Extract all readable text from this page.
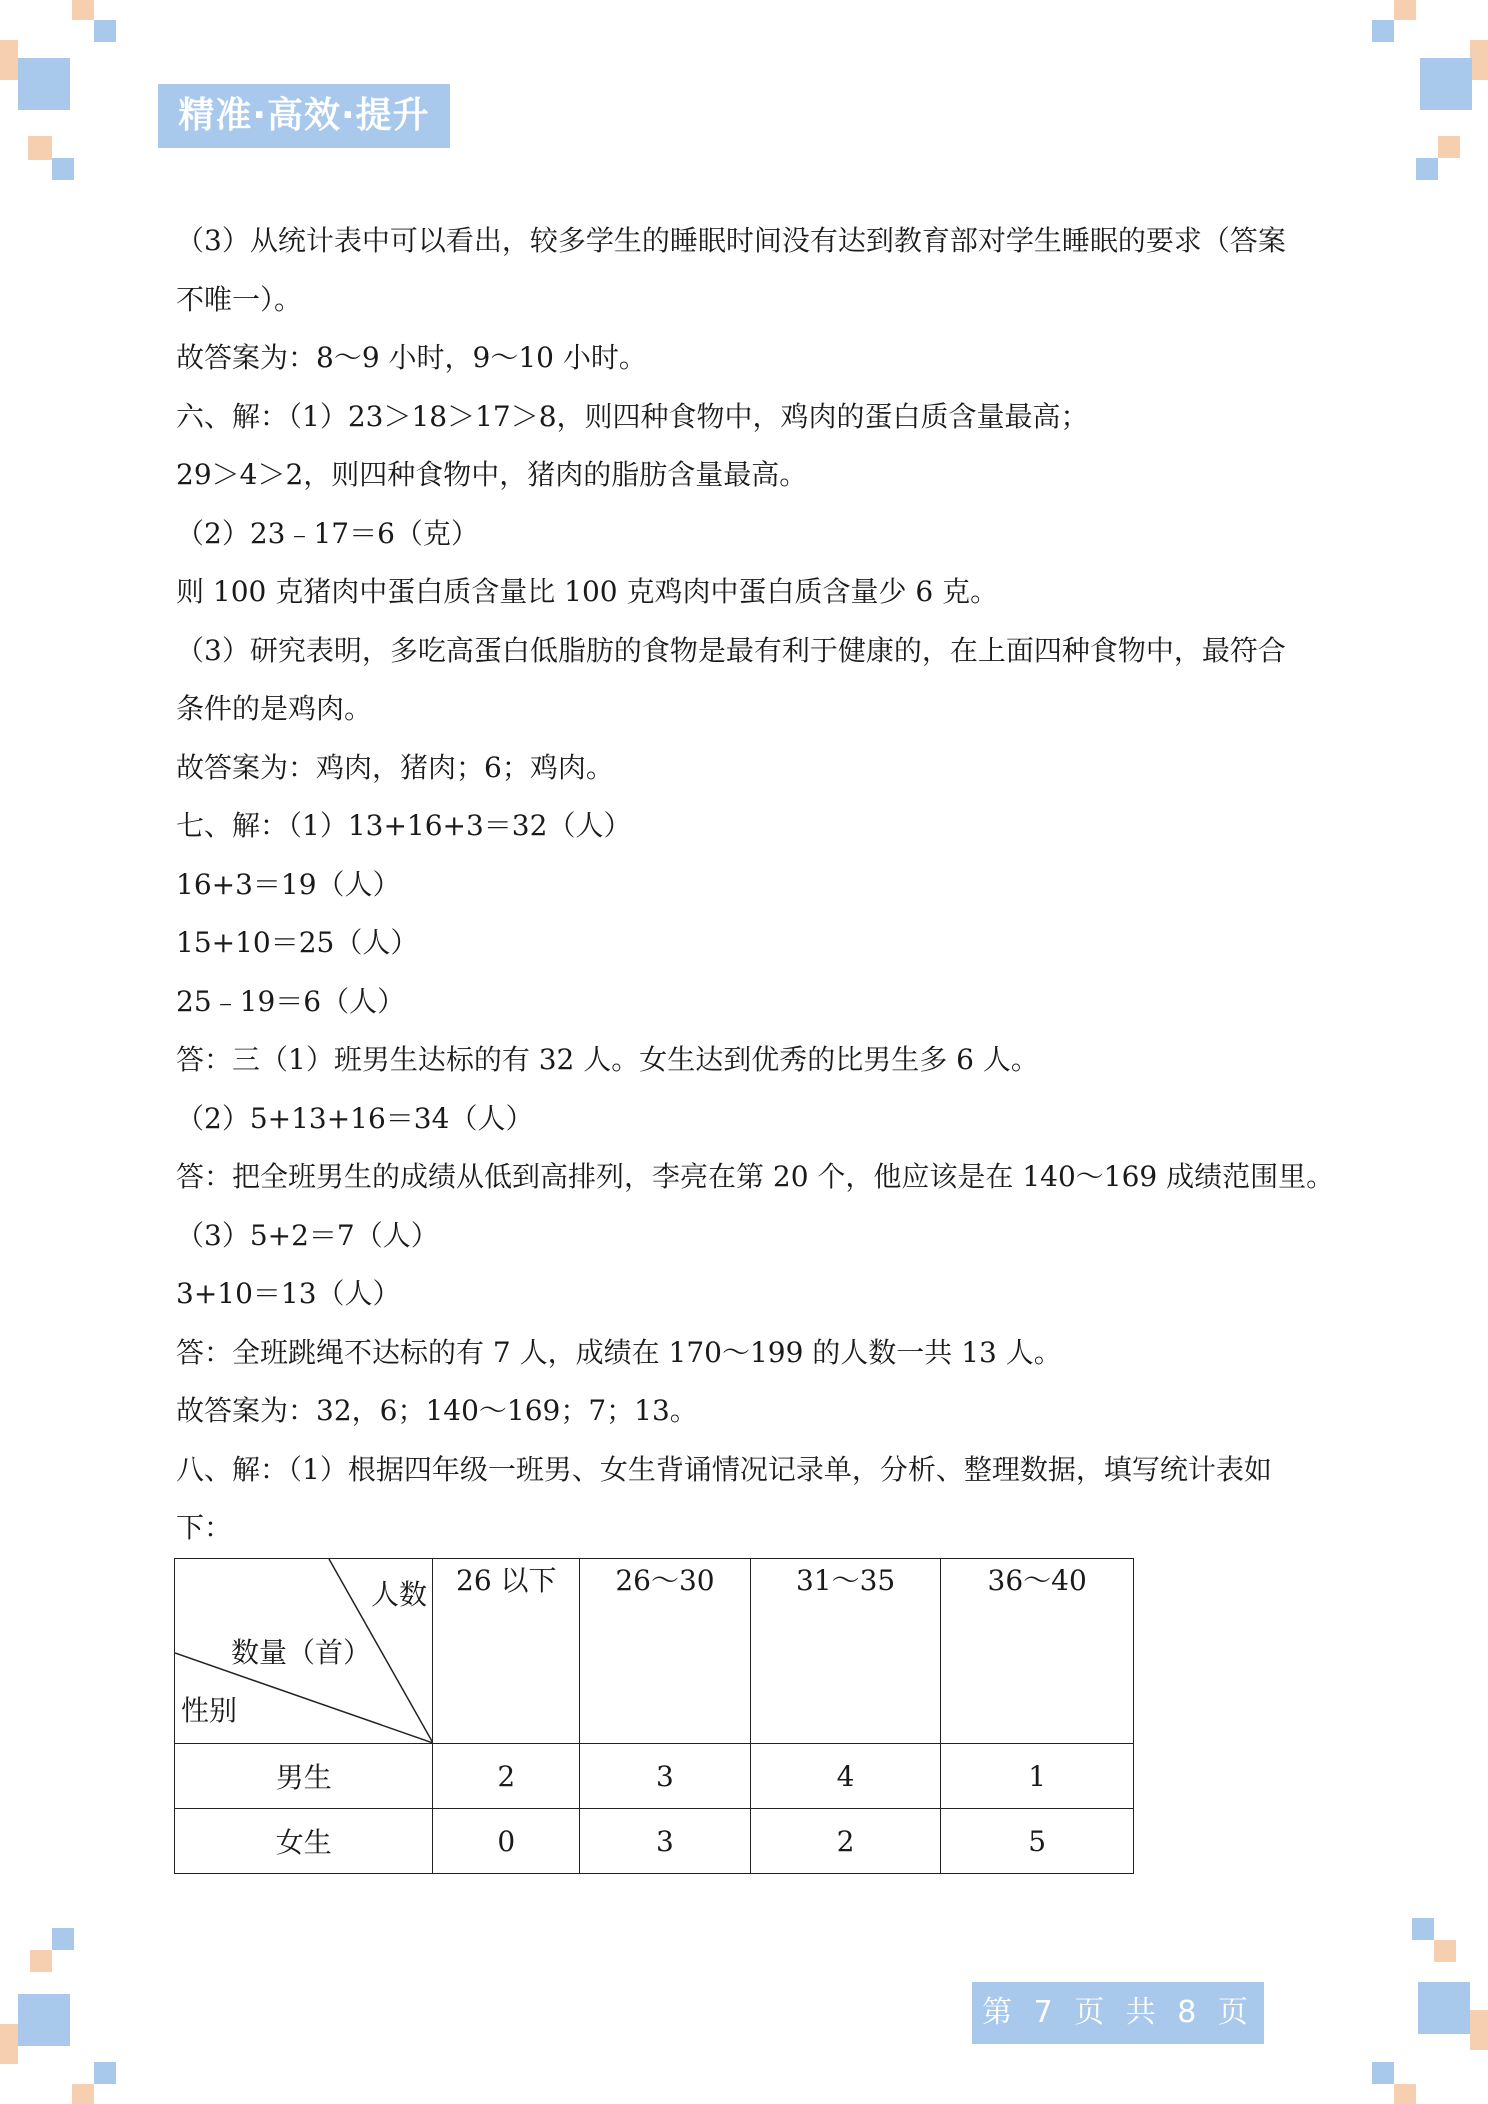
精准·高效·提升
（3）从统计表中可以看出，较多学生的睡眠时间没有达到教育部对学生睡眠的要求（答案
不唯一）。
故答案为：8～9 小时，9～10 小时。
六、解：（1）23＞18＞17＞8，则四种食物中，鸡肉的蛋白质含量最高；
29＞4＞2，则四种食物中，猪肉的脂肪含量最高。
（2）23﹣17＝6（克）
则 100 克猪肉中蛋白质含量比 100 克鸡肉中蛋白质含量少 6 克。
（3）研究表明，多吃高蛋白低脂肪的食物是最有利于健康的，在上面四种食物中，最符合
条件的是鸡肉。
故答案为：鸡肉，猪肉；6；鸡肉。
七、解：（1）13+16+3＝32（人）
16+3＝19（人）
15+10＝25（人）
25﹣19＝6（人）
答：三（1）班男生达标的有 32 人。女生达到优秀的比男生多 6 人。
（2）5+13+16＝34（人）
答：把全班男生的成绩从低到高排列，李亮在第 20 个，他应该是在 140～169 成绩范围里。
（3）5+2＝7（人）
3+10＝13（人）
答：全班跳绳不达标的有 7 人，成绩在 170～199 的人数一共 13 人。
故答案为：32，6；140～169；7；13。
八、解：（1）根据四年级一班男、女生背诵情况记录单，分析、整理数据，填写统计表如
下：
人数
数量（首）
性别	26 以下	26～30	31～35	36～40
男生	2	3	4	1
女生	0	3	2	5
第 7 页 共 8 页
